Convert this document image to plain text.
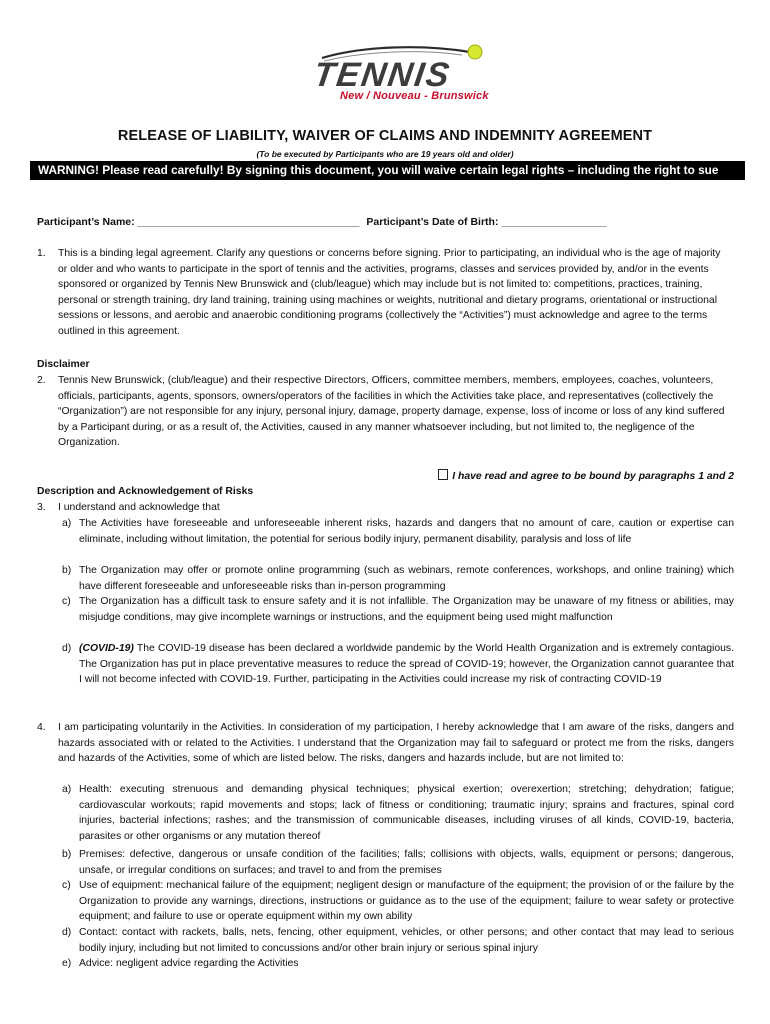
TENNIS
New / Nouveau - Brunswick
RELEASE OF LIABILITY, WAIVER OF CLAIMS AND INDEMNITY AGREEMENT
(To be executed by Participants who are 19 years old and older)
WARNING! Please read carefully! By signing this document, you will waive certain legal rights – including the right to sue
Participant’s Name: ______________________________________ Participant’s Date of Birth: __________________
1. This is a binding legal agreement. Clarify any questions or concerns before signing. Prior to participating, an individual who is the age of majority or older and who wants to participate in the sport of tennis and the activities, programs, classes and services provided by, and/or in the events sponsored or organized by Tennis New Brunswick and (club/league) which may include but is not limited to: competitions, practices, training, personal or strength training, dry land training, training using machines or weights, nutritional and dietary programs, orientational or instructional sessions or lessons, and aerobic and anaerobic conditioning programs (collectively the “Activities”) must acknowledge and agree to the terms outlined in this agreement.
Disclaimer
2. Tennis New Brunswick, (club/league) and their respective Directors, Officers, committee members, members, employees, coaches, volunteers, officials, participants, agents, sponsors, owners/operators of the facilities in which the Activities take place, and representatives (collectively the “Organization”) are not responsible for any injury, personal injury, damage, property damage, expense, loss of income or loss of any kind suffered by a Participant during, or as a result of, the Activities, caused in any manner whatsoever including, but not limited to, the negligence of the Organization.
I have read and agree to be bound by paragraphs 1 and 2
Description and Acknowledgement of Risks
3. I understand and acknowledge that
a) The Activities have foreseeable and unforeseeable inherent risks, hazards and dangers that no amount of care, caution or expertise can eliminate, including without limitation, the potential for serious bodily injury, permanent disability, paralysis and loss of life
b) The Organization may offer or promote online programming (such as webinars, remote conferences, workshops, and online training) which have different foreseeable and unforeseeable risks than in-person programming
c) The Organization has a difficult task to ensure safety and it is not infallible. The Organization may be unaware of my fitness or abilities, may misjudge conditions, may give incomplete warnings or instructions, and the equipment being used might malfunction
d) (COVID-19) The COVID-19 disease has been declared a worldwide pandemic by the World Health Organization and is extremely contagious. The Organization has put in place preventative measures to reduce the spread of COVID-19; however, the Organization cannot guarantee that I will not become infected with COVID-19. Further, participating in the Activities could increase my risk of contracting COVID-19
4. I am participating voluntarily in the Activities. In consideration of my participation, I hereby acknowledge that I am aware of the risks, dangers and hazards associated with or related to the Activities. I understand that the Organization may fail to safeguard or protect me from the risks, dangers and hazards of the Activities, some of which are listed below. The risks, dangers and hazards include, but are not limited to:
a) Health: executing strenuous and demanding physical techniques; physical exertion; overexertion; stretching; dehydration; fatigue; cardiovascular workouts; rapid movements and stops; lack of fitness or conditioning; traumatic injury; sprains and fractures, spinal cord injuries, bacterial infections; rashes; and the transmission of communicable diseases, including viruses of all kinds, COVID-19, bacteria, parasites or other organisms or any mutation thereof
b) Premises: defective, dangerous or unsafe condition of the facilities; falls; collisions with objects, walls, equipment or persons; dangerous, unsafe, or irregular conditions on surfaces; and travel to and from the premises
c) Use of equipment: mechanical failure of the equipment; negligent design or manufacture of the equipment; the provision of or the failure by the Organization to provide any warnings, directions, instructions or guidance as to the use of the equipment; failure to wear safety or protective equipment; and failure to use or operate equipment within my own ability
d) Contact: contact with rackets, balls, nets, fencing, other equipment, vehicles, or other persons; and other contact that may lead to serious bodily injury, including but not limited to concussions and/or other brain injury or serious spinal injury
e) Advice: negligent advice regarding the Activities
